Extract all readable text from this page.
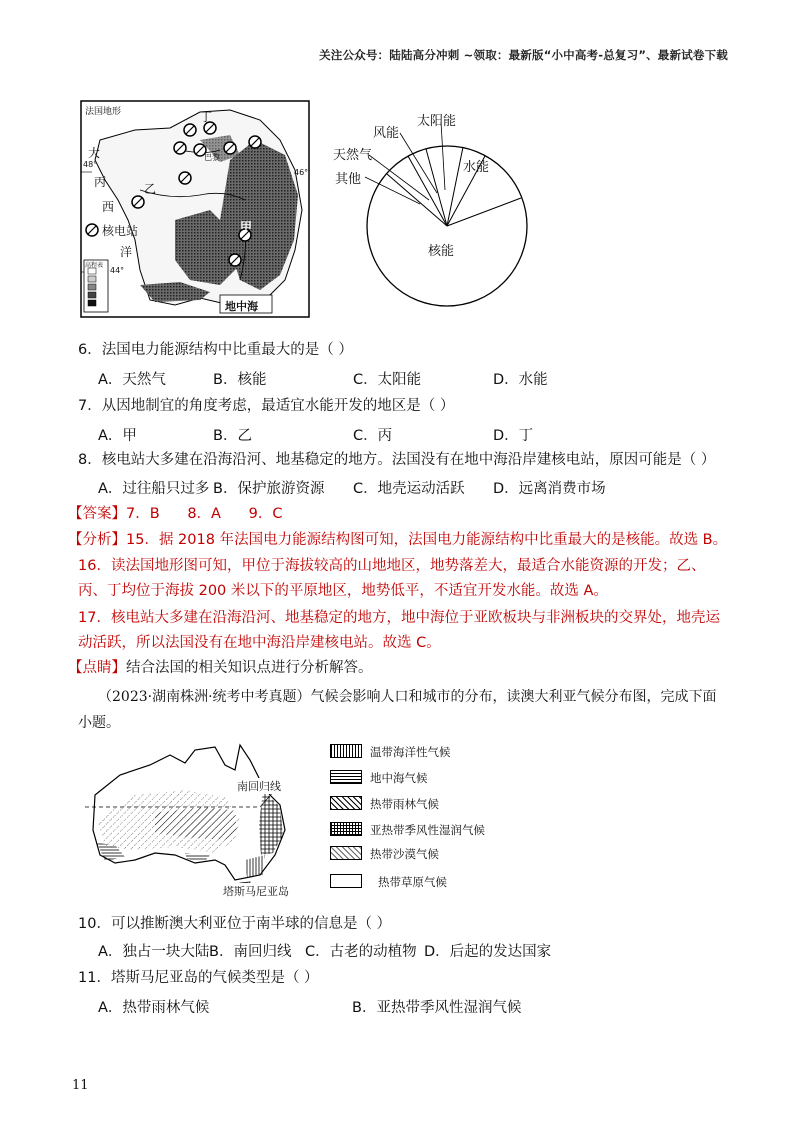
关注公众号：陆陆高分冲刺 ~领取：最新版“小中高考-总复习”、最新试卷下载
法国地形
大
48°
乙
丁
巴黎
丙
西
核电站
洋
甲
46°
高程表
44°
地中海
风能
太阳能
天然气
其他
水能
核能
6．法国电力能源结构中比重最大的是（ ）
A．天然气	B．核能	C．太阳能	D．水能
7．从因地制宜的角度考虑，最适宜水能开发的地区是（ ）
A．甲	B．乙	C．丙	D．丁
8．核电站大多建在沿海沿河、地基稳定的地方。法国没有在地中海沿岸建核电站，原因可能是（ ）
A．过往船只过多 B．保护旅游资源 C．地壳运动活跃 D．远离消费市场
【答案】7．B      8．A      9．C
【分析】15．据 2018 年法国电力能源结构图可知，法国电力能源结构中比重最大的是核能。故选 B。
16．读法国地形图可知，甲位于海拔较高的山地地区，地势落差大，最适合水能资源的开发；乙、丙、丁均位于海拔 200 米以下的平原地区，地势低平，不适宜开发水能。故选 A。
17．核电站大多建在沿海沿河、地基稳定的地方，地中海位于亚欧板块与非洲板块的交界处，地壳运动活跃，所以法国没有在地中海沿岸建核电站。故选 C。
【点睛】结合法国的相关知识点进行分析解答。
（2023·湖南株洲·统考中考真题）气候会影响人口和城市的分布，读澳大利亚气候分布图，完成下面
小题。
南回归线
塔斯马尼亚岛
温带海洋性气候
地中海气候
热带雨林气候
亚热带季风性湿润气候
热带沙漠气候
热带草原气候
10．可以推断澳大利亚位于南半球的信息是（ ）
A．独占一块大陆 B．南回归线 C．古老的动植物 D．后起的发达国家
11．塔斯马尼亚岛的气候类型是（ ）
A．热带雨林气候	B．亚热带季风性湿润气候
11
